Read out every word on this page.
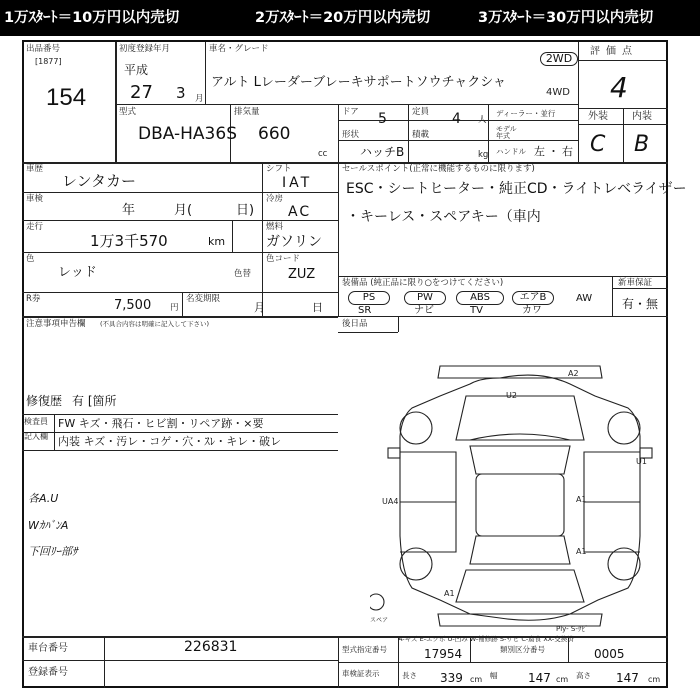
1万ｽﾀｰﾄ＝10万円以内売切	2万ｽﾀｰﾄ＝20万円以内売切	3万ｽﾀｰﾄ＝30万円以内売切
出品番号
[1877]
154
初度登録年月
平成
27 3 月
車名・グレード
アルト Lレーダーブレーキサポートソウチャクシャ
2WD
4WD
評価点
4
外装 内装
C B
型式
DBA-HA36S
排気量
660
cc
ドア 5	定員 4 人
ディーラー・並行
モデル年式
形状
ハッチB
積載
kg ハンドル 左 ・ 右
車歴
レンタカー
シフト
IAT
車検
年	月(	日)
冷房
AC
走行
1万3千570	km
燃料
ガソリン
色
レッド
色コード
ZUZ
色替
R券	7,500 円
名変期限
月	日
注意事項申告欄 (不具合内容は明確に記入して下さい)
修復歴 有 [箇所
検査員
記入欄
FW キズ・飛石・ヒビ割・リペア跡・×要
内装 キズ・汚レ・コゲ・穴・ｽﾚ・キレ・破レ
各A.U
WｶﾊﾞﾝA
下回ﾘｰ部ｻ
セールスポイント(正常に機能するものに限ります)
ESC・シートヒーター・純正CD・ライトレベライザー
・キーレス・スペアキー（車内
装備品 (純正品に限り○をつけてください)
PS	PW	ABS	エアB	AW
SR	ナビ	TV	カワ
新車保証
有・無
後日品
A2
U2
U1
UA4	A1
A1
A1
スペア
Ply- S-ｻﾋﾞ
A-キズ E-エクボ U-凹み W-補修跡 S-サビ C-腐食 XX-交換済
車台番号	226831
登録番号
型式指定番号	17954	類別区分番号	0005
車検証表示	長さ 339 cm 幅	147 cm 高さ 147 cm
